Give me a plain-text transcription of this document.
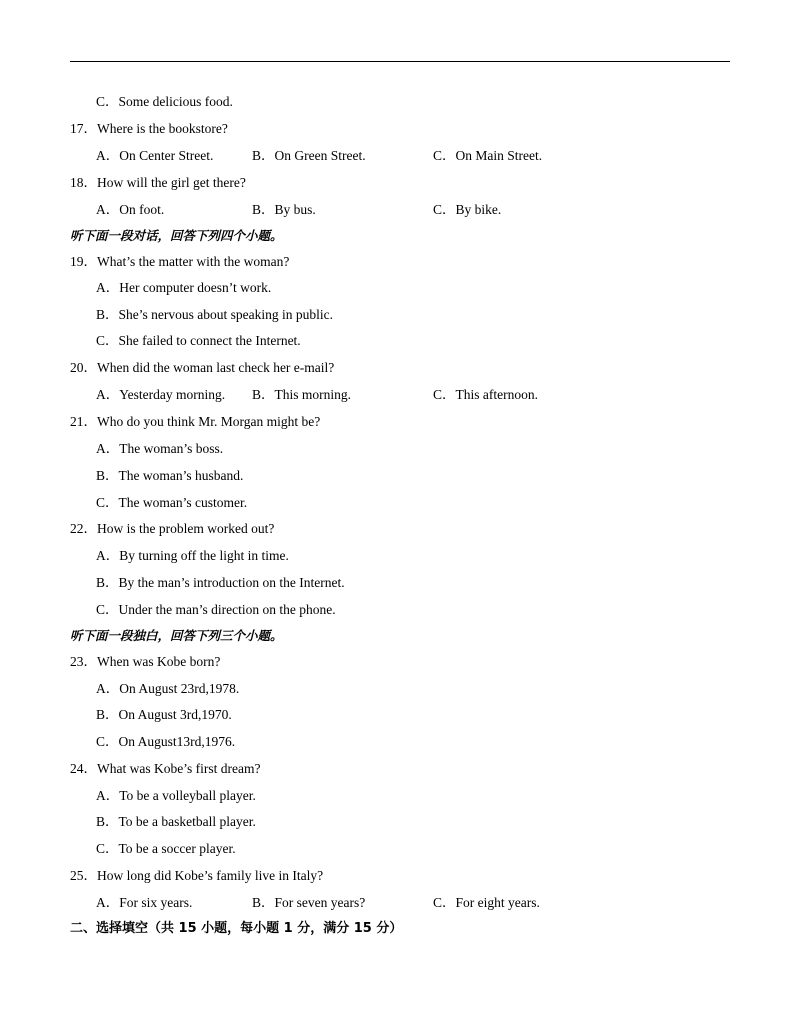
C．Some delicious food.
17．Where is the bookstore?
A．On Center Street.	B．On Green Street.	C．On Main Street.
18．How will the girl get there?
A．On foot.	B．By bus.	C．By bike.
听下面一段对话，回答下列四个小题。
19．What’s the matter with the woman?
A．Her computer doesn’t work.
B．She’s nervous about speaking in public.
C．She failed to connect the Internet.
20．When did the woman last check her e-mail?
A．Yesterday morning. B．This morning.	C．This afternoon.
21．Who do you think Mr. Morgan might be?
A．The woman’s boss.
B．The woman’s husband.
C．The woman’s customer.
22．How is the problem worked out?
A．By turning off the light in time.
B．By the man’s introduction on the Internet.
C．Under the man’s direction on the phone.
听下面一段独白，回答下列三个小题。
23．When was Kobe born?
A．On August 23rd,1978.
B．On August 3rd,1970.
C．On August13rd,1976.
24．What was Kobe’s first dream?
A．To be a volleyball player.
B．To be a basketball player.
C．To be a soccer player.
25．How long did Kobe’s family live in Italy?
A．For six years.	B．For seven years?	C．For eight years.
二、选择填空（共 15 小题，每小题 1 分，满分 15 分）
